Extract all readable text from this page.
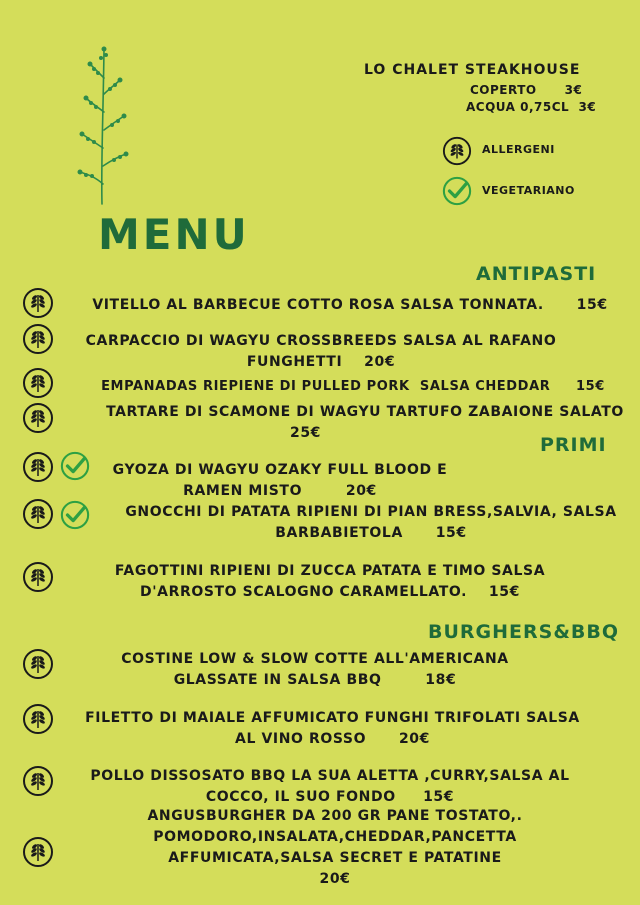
LO CHALET STEAKHOUSE
COPERTO      3€
ACQUA 0,75CL  3€
ALLERGENI
VEGETARIANO
MENU
ANTIPASTI
PRIMI
BURGHERS&BBQ
VITELLO AL BARBECUE COTTO ROSA SALSA TONNATA.      15€
CARPACCIO DI WAGYU CROSSBREEDS SALSA AL RAFANO
FUNGHETTI    20€
EMPANADAS RIEPIENE DI PULLED PORK  SALSA CHEDDAR     15€
TARTARE DI SCAMONE DI WAGYU TARTUFO ZABAIONE SALATO
25€
GYOZA DI WAGYU OZAKY FULL BLOOD E
RAMEN MISTO        20€
GNOCCHI DI PATATA RIPIENI DI PIAN BRESS,SALVIA, SALSA
BARBABIETOLA      15€
FAGOTTINI RIPIENI DI ZUCCA PATATA E TIMO SALSA
D'ARROSTO SCALOGNO CARAMELLATO.    15€
COSTINE LOW & SLOW COTTE ALL'AMERICANA
GLASSATE IN SALSA BBQ        18€
FILETTO DI MAIALE AFFUMICATO FUNGHI TRIFOLATI SALSA
AL VINO ROSSO      20€
POLLO DISSOSATO BBQ LA SUA ALETTA ,CURRY,SALSA AL
COCCO, IL SUO FONDO     15€
ANGUSBURGHER DA 200 GR PANE TOSTATO,.
POMODORO,INSALATA,CHEDDAR,PANCETTA
AFFUMICATA,SALSA SECRET E PATATINE
20€
